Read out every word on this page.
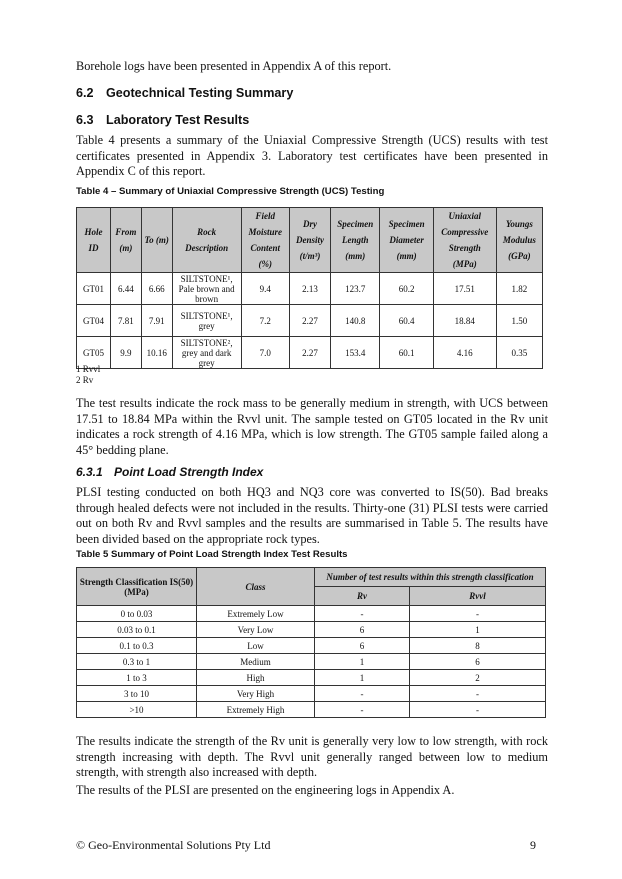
Borehole logs have been presented in Appendix A of this report.
6.2 Geotechnical Testing Summary
6.3 Laboratory Test Results
Table 4 presents a summary of the Uniaxial Compressive Strength (UCS) results with test certificates presented in Appendix 3. Laboratory test certificates have been presented in Appendix C of this report.
Table 4 – Summary of Uniaxial Compressive Strength (UCS) Testing
Hole ID	From (m)	To (m)	Rock Description	Field Moisture Content (%)	Dry Density (t/m³)	Specimen Length (mm)	Specimen Diameter (mm)	Uniaxial Compressive Strength (MPa)	Youngs Modulus (GPa)
GT01	6.44	6.66	SILTSTONE¹, Pale brown and brown	9.4	2.13	123.7	60.2	17.51	1.82
GT04	7.81	7.91	SILTSTONE¹, grey	7.2	2.27	140.8	60.4	18.84	1.50
GT05	9.9	10.16	SILTSTONE², grey and dark grey	7.0	2.27	153.4	60.1	4.16	0.35
1 Rvvl
2 Rv
The test results indicate the rock mass to be generally medium in strength, with UCS between 17.51 to 18.84 MPa within the Rvvl unit. The sample tested on GT05 located in the Rv unit indicates a rock strength of 4.16 MPa, which is low strength. The GT05 sample failed along a 45° bedding plane.
6.3.1 Point Load Strength Index
PLSI testing conducted on both HQ3 and NQ3 core was converted to IS(50). Bad breaks through healed defects were not included in the results. Thirty-one (31) PLSI tests were carried out on both Rv and Rvvl samples and the results are summarised in Table 5. The results have been divided based on the appropriate rock types.
Table 5 Summary of Point Load Strength Index Test Results
Strength Classification IS(50) (MPa)	Class	Number of test results within this strength classification	
		Rv	Rvvl
0 to 0.03	Extremely Low	-	-
0.03 to 0.1	Very Low	6	1
0.1 to 0.3	Low	6	8
0.3 to 1	Medium	1	6
1 to 3	High	1	2
3 to 10	Very High	-	-
>10	Extremely High	-	-
The results indicate the strength of the Rv unit is generally very low to low strength, with rock strength increasing with depth. The Rvvl unit generally ranged between low to medium strength, with strength also increased with depth.
The results of the PLSI are presented on the engineering logs in Appendix A.
© Geo-Environmental Solutions Pty Ltd	9
